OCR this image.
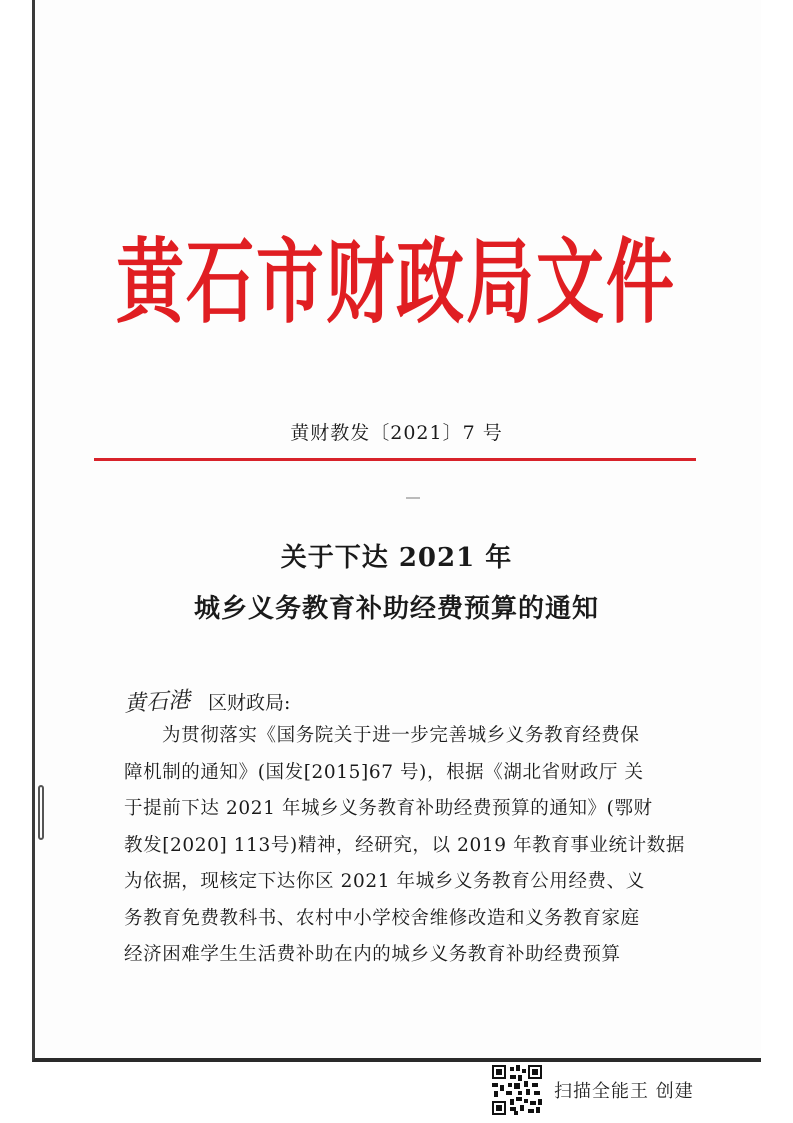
黄石市财政局文件
黄财教发〔2021〕7 号
关于下达 2021 年
城乡义务教育补助经费预算的通知
黄石港 区财政局:
为贯彻落实《国务院关于进一步完善城乡义务教育经费保
障机制的通知》(国发[2015]67 号)，根据《湖北省财政厅 关
于提前下达 2021 年城乡义务教育补助经费预算的通知》(鄂财
教发[2020] 113号)精神，经研究，以 2019 年教育事业统计数据
为依据，现核定下达你区 2021 年城乡义务教育公用经费、义
务教育免费教科书、农村中小学校舍维修改造和义务教育家庭
经济困难学生生活费补助在内的城乡义务教育补助经费预算
扫描全能王 创建
